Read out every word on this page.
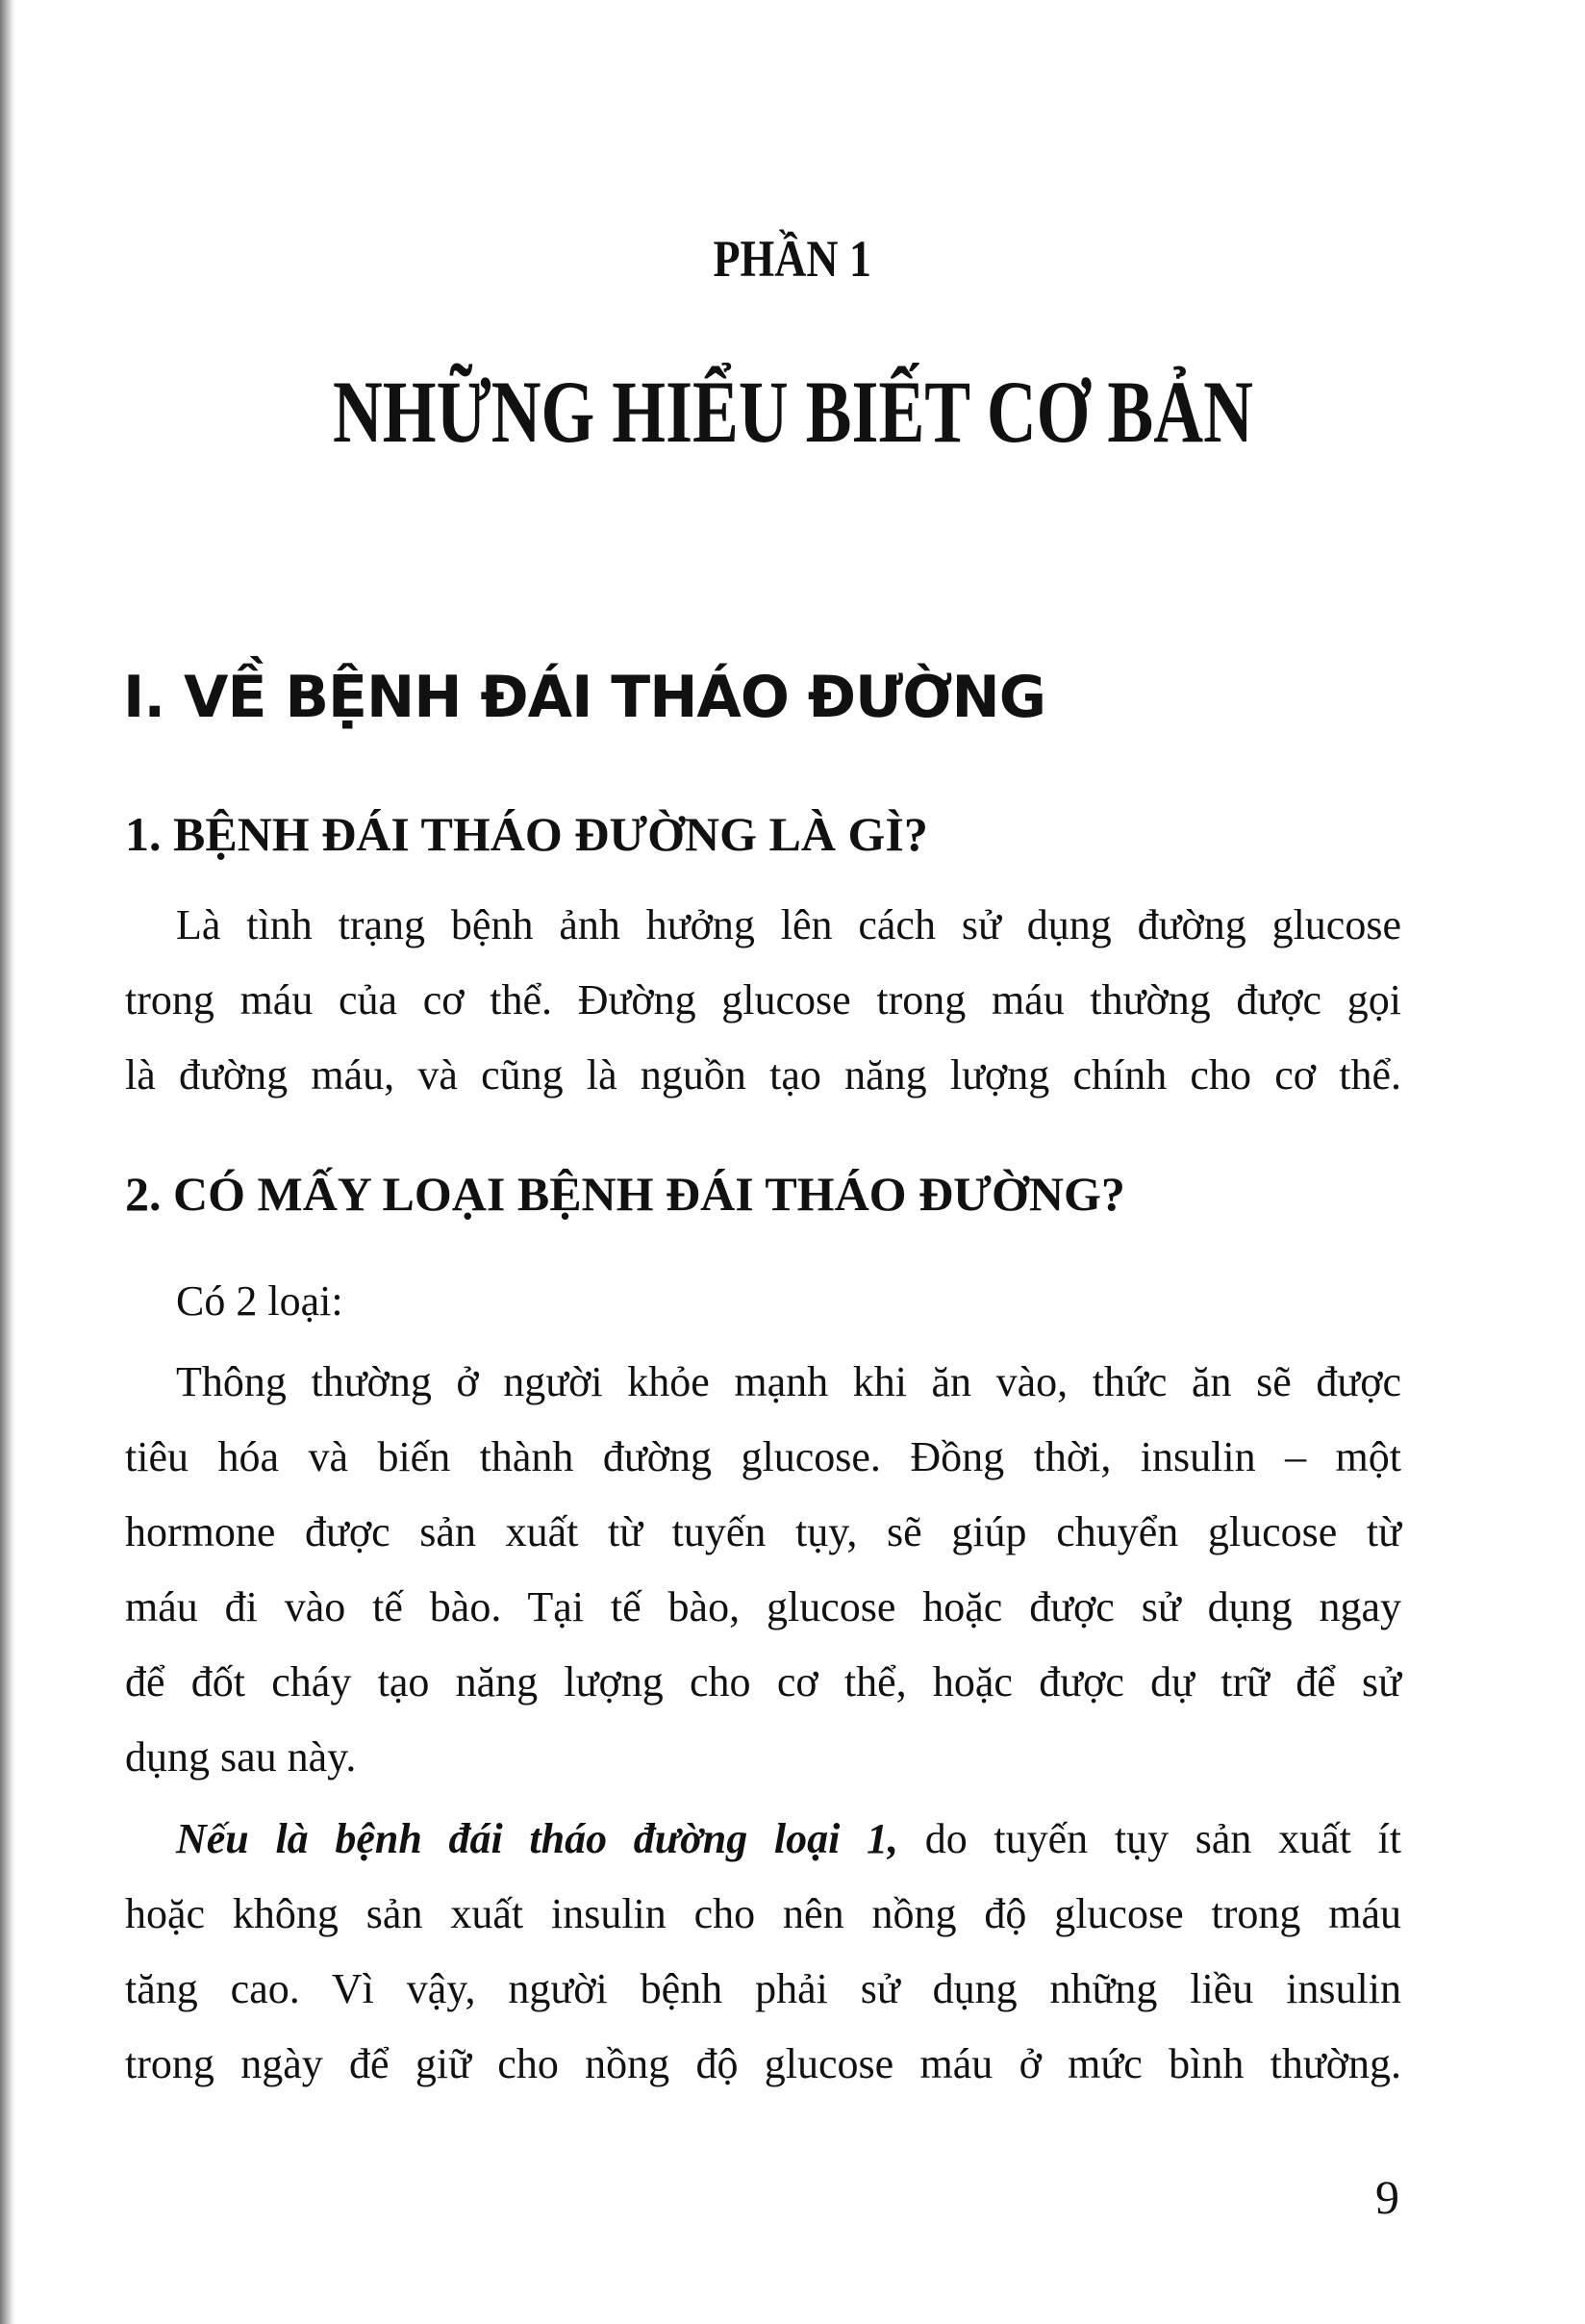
PHẦN 1
NHỮNG HIỂU BIẾT CƠ BẢN
I. VỀ BỆNH ĐÁI THÁO ĐƯỜNG
1. BỆNH ĐÁI THÁO ĐƯỜNG LÀ GÌ?
Là tình trạng bệnh ảnh hưởng lên cách sử dụng đường glucose
trong máu của cơ thể. Đường glucose trong máu thường được gọi
là đường máu, và cũng là nguồn tạo năng lượng chính cho cơ thể.
2. CÓ MẤY LOẠI BỆNH ĐÁI THÁO ĐƯỜNG?
Có 2 loại:
Thông thường ở người khỏe mạnh khi ăn vào, thức ăn sẽ được
tiêu hóa và biến thành đường glucose. Đồng thời, insulin – một
hormone được sản xuất từ tuyến tụy, sẽ giúp chuyển glucose từ
máu đi vào tế bào. Tại tế bào, glucose hoặc được sử dụng ngay
để đốt cháy tạo năng lượng cho cơ thể, hoặc được dự trữ để sử
dụng sau này.
Nếu là bệnh đái tháo đường loại 1, do tuyến tụy sản xuất ít
hoặc không sản xuất insulin cho nên nồng độ glucose trong máu
tăng cao. Vì vậy, người bệnh phải sử dụng những liều insulin
trong ngày để giữ cho nồng độ glucose máu ở mức bình thường.
9
